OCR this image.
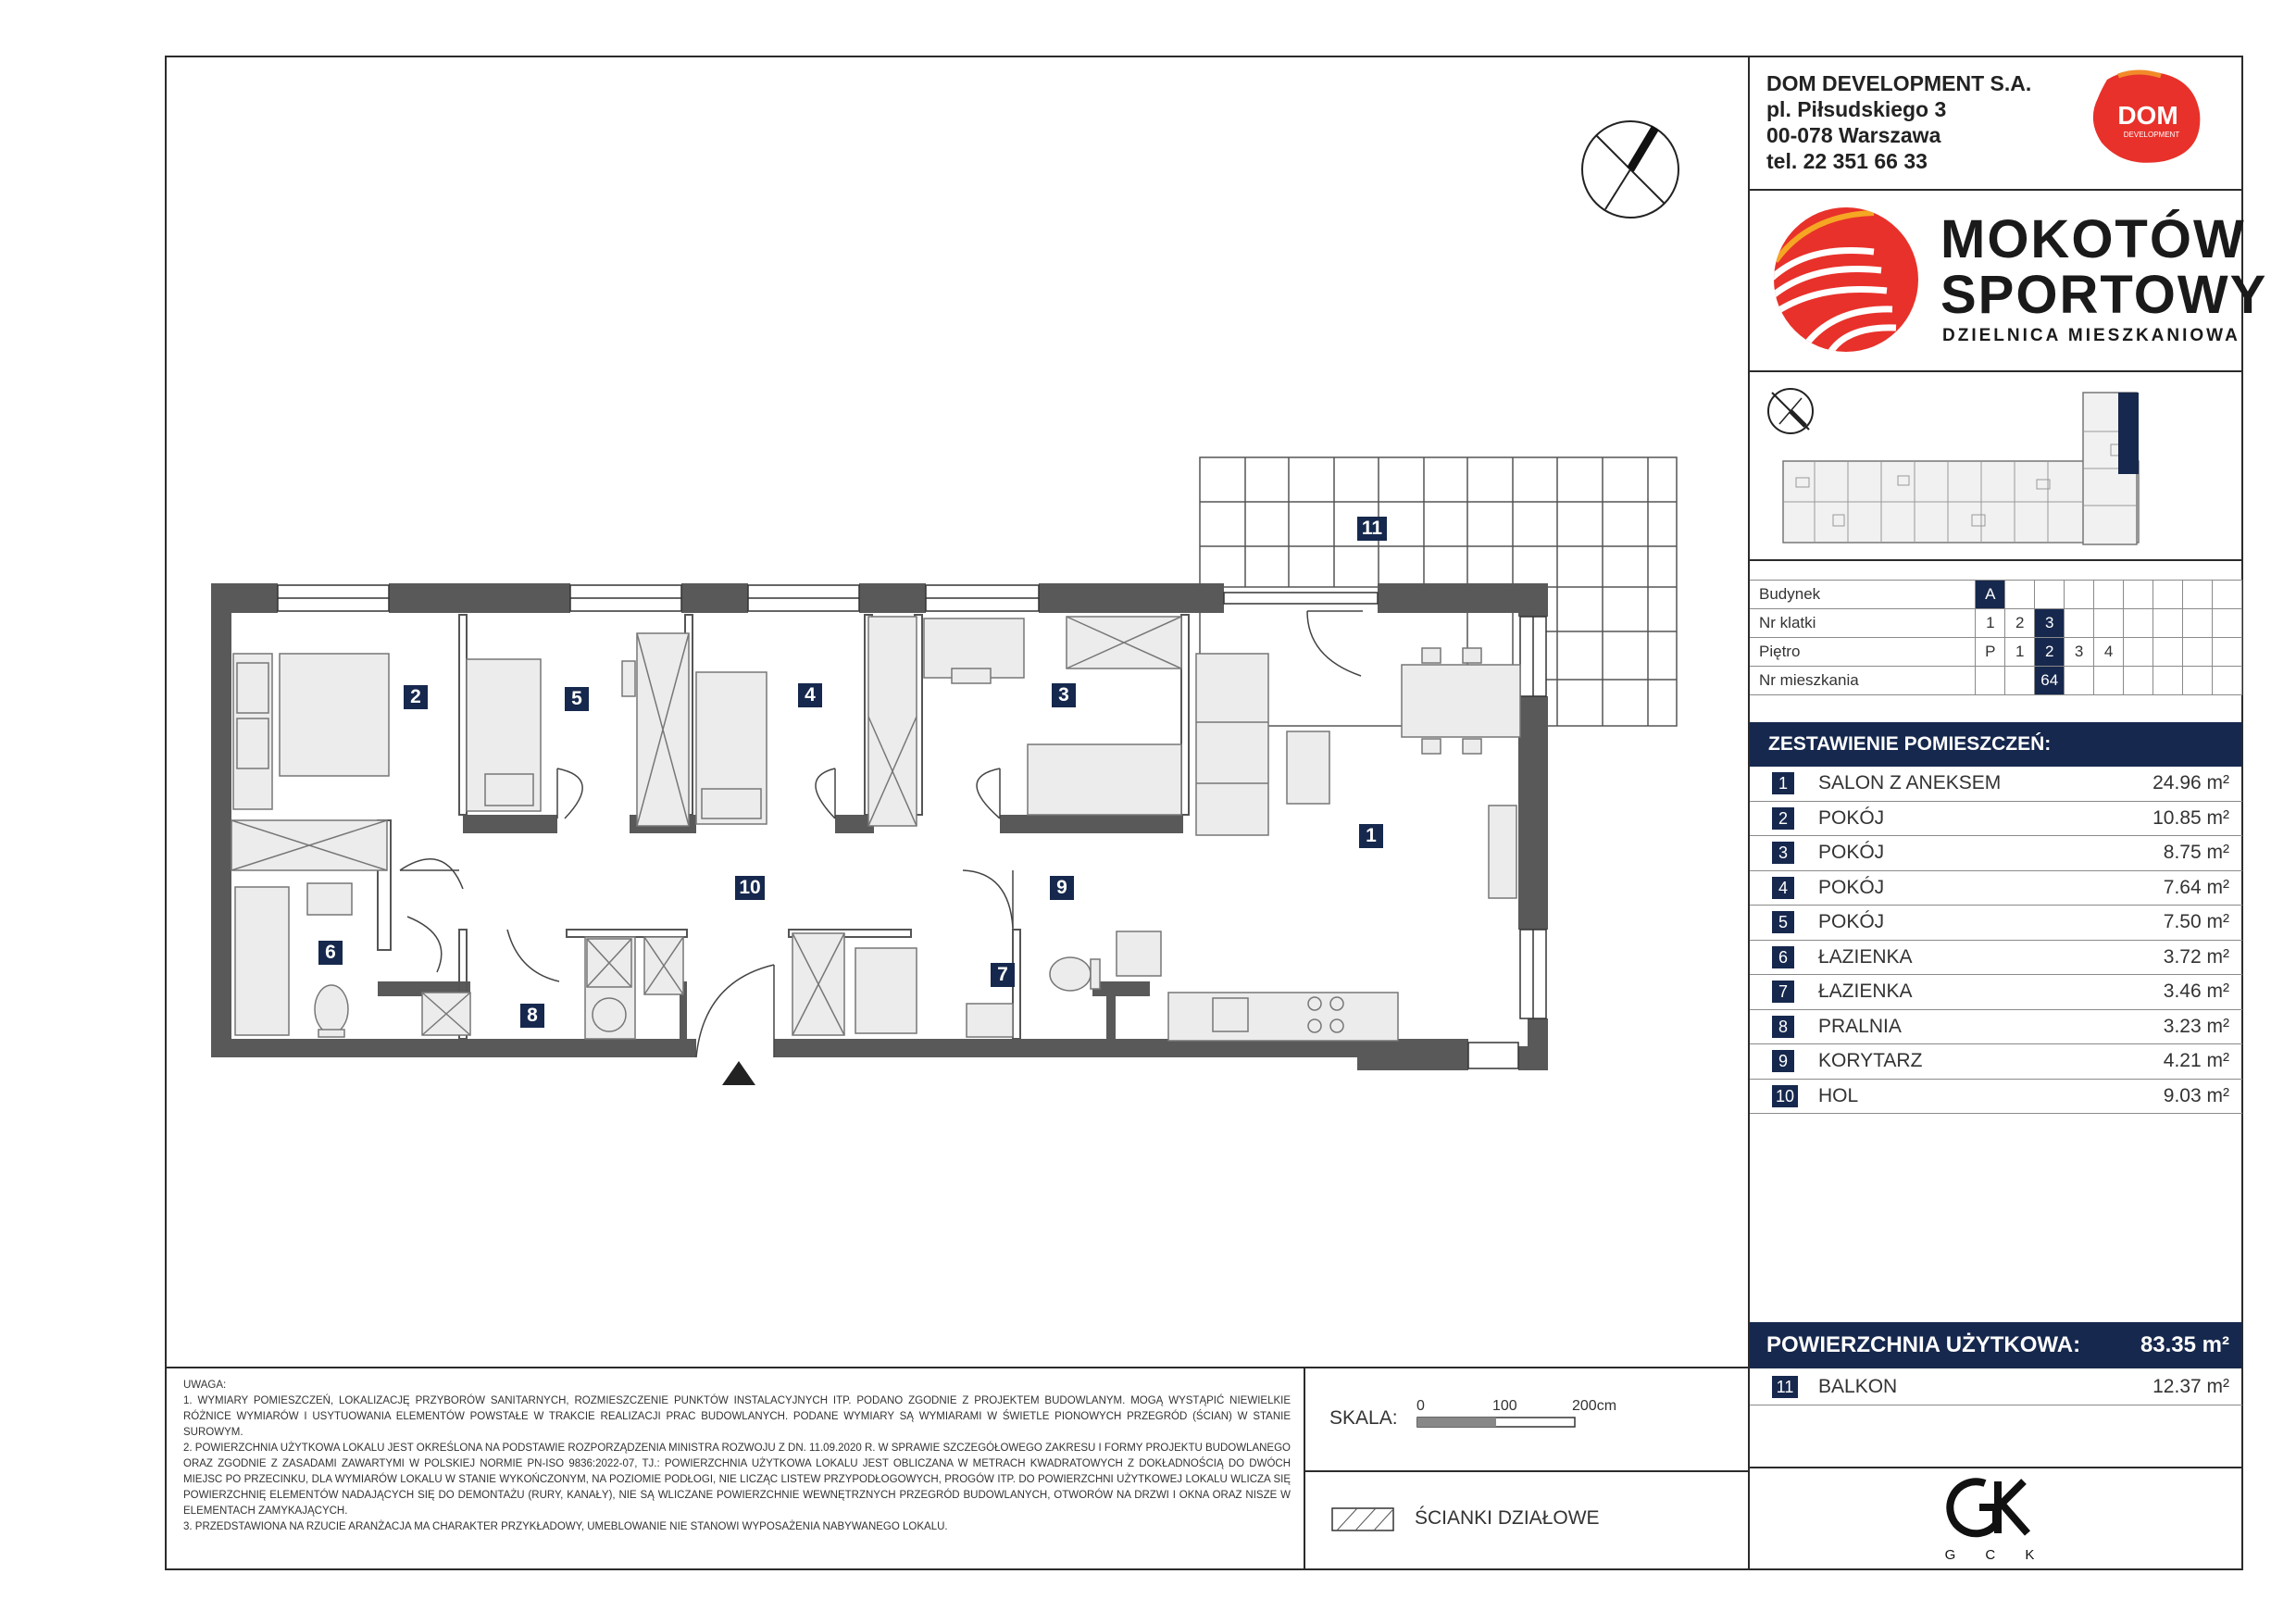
DOM DEVELOPMENT S.A.
pl. Piłsudskiego 3
00-078 Warszawa
tel. 22 351 66 33
DOM
DEVELOPMENT
MOKOTÓW
SPORTOWY
DZIELNICA MIESZKANIOWA
Budynek	A								
Nr klatki	1	2	3						
Piętro	P	1	2	3	4				
Nr mieszkania			64						
ZESTAWIENIE POMIESZCZEŃ:
1	SALON Z ANEKSEM	24.96 m²
2	POKÓJ	10.85 m²
3	POKÓJ	8.75 m²
4	POKÓJ	7.64 m²
5	POKÓJ	7.50 m²
6	ŁAZIENKA	3.72 m²
7	ŁAZIENKA	3.46 m²
8	PRALNIA	3.23 m²
9	KORYTARZ	4.21 m²
10 HOL	9.03 m²
POWIERZCHNIA UŻYTKOWA:	83.35 m²
11 BALKON	12.37 m²
G C K

UWAGA:

1. WYMIARY POMIESZCZEŃ, LOKALIZACJĘ PRZYBORÓW SANITARNYCH, ROZMIESZCZENIE PUNKTÓW INSTALACYJNYCH ITP. PODANO ZGODNIE Z PROJEKTEM BUDOWLANYM. MOGĄ WYSTĄPIĆ NIEWIELKIE RÓŻNICE WYMIARÓW I USYTUOWANIA ELEMENTÓW POWSTAŁE W TRAKCIE REALIZACJI PRAC BUDOWLANYCH. PODANE WYMIARY SĄ WYMIARAMI W ŚWIETLE PIONOWYCH PRZEGRÓD (ŚCIAN) W STANIE SUROWYM.

2. POWIERZCHNIA UŻYTKOWA LOKALU JEST OKREŚLONA NA PODSTAWIE ROZPORZĄDZENIA MINISTRA ROZWOJU Z DN. 11.09.2020 R. W SPRAWIE SZCZEGÓŁOWEGO ZAKRESU I FORMY PROJEKTU BUDOWLANEGO ORAZ ZGODNIE Z ZASADAMI ZAWARTYMI W POLSKIEJ NORMIE PN-ISO 9836:2022-07, TJ.: POWIERZCHNIA UŻYTKOWA LOKALU JEST OBLICZANA W METRACH KWADRATOWYCH Z DOKŁADNOŚCIĄ DO DWÓCH MIEJSC PO PRZECINKU, DLA WYMIARÓW LOKALU W STANIE WYKOŃCZONYM, NA POZIOMIE PODŁOGI, NIE LICZĄC LISTEW PRZYPODŁOGOWYCH, PROGÓW ITP. DO POWIERZCHNI UŻYTKOWEJ LOKALU WLICZA SIĘ POWIERZCHNIĘ ELEMENTÓW NADAJĄCYCH SIĘ DO DEMONTAŻU (RURY, KANAŁY), NIE SĄ WLICZANE POWIERZCHNIE WEWNĘTRZNYCH PRZEGRÓD BUDOWLANYCH, OTWORÓW NA DRZWI I OKNA ORAZ NISZE W ELEMENTACH ZAMYKAJĄCYCH.

3. PRZEDSTAWIONA NA RZUCIE ARANŻACJA MA CHARAKTER PRZYKŁADOWY, UMEBLOWANIE NIE STANOWI WYPOSAŻENIA NABYWANEGO LOKALU.

SKALA:
0	100	200cm
ŚCIANKI DZIAŁOWE
1
2	3
4
5
6
7
8
9
10
11
